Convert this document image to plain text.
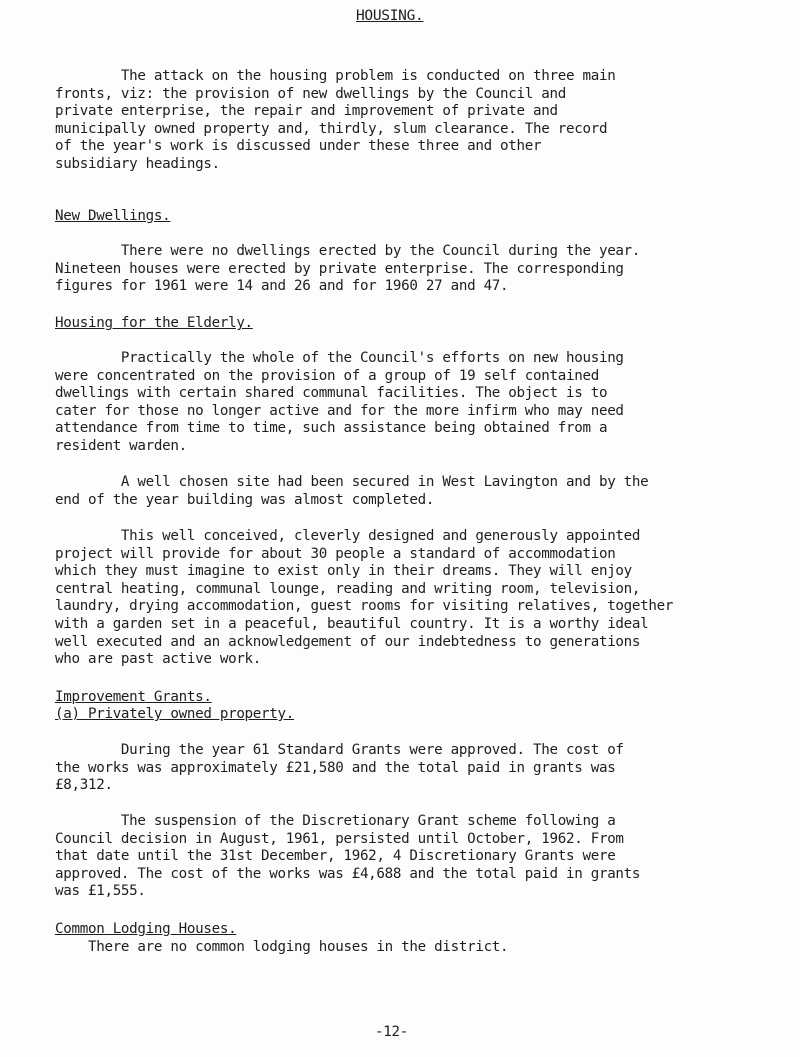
HOUSING.
The attack on the housing problem is conducted on three main
fronts, viz: the provision of new dwellings by the Council and
private enterprise, the repair and improvement of private and
municipally owned property and, thirdly, slum clearance. The record
of the year's work is discussed under these three and other
subsidiary headings.
New Dwellings.
There were no dwellings erected by the Council during the year.
Nineteen houses were erected by private enterprise. The corresponding
figures for 1961 were 14 and 26 and for 1960 27 and 47.
Housing for the Elderly.
Practically the whole of the Council's efforts on new housing
were concentrated on the provision of a group of 19 self contained
dwellings with certain shared communal facilities. The object is to
cater for those no longer active and for the more infirm who may need
attendance from time to time, such assistance being obtained from a
resident warden.
A well chosen site had been secured in West Lavington and by the
end of the year building was almost completed.
This well conceived, cleverly designed and generously appointed
project will provide for about 30 people a standard of accommodation
which they must imagine to exist only in their dreams. They will enjoy
central heating, communal lounge, reading and writing room, television,
laundry, drying accommodation, guest rooms for visiting relatives, together
with a garden set in a peaceful, beautiful country. It is a worthy ideal
well executed and an acknowledgement of our indebtedness to generations
who are past active work.
Improvement Grants.
(a) Privately owned property.
During the year 61 Standard Grants were approved. The cost of
the works was approximately £21,580 and the total paid in grants was
£8,312.
The suspension of the Discretionary Grant scheme following a
Council decision in August, 1961, persisted until October, 1962. From
that date until the 31st December, 1962, 4 Discretionary Grants were
approved. The cost of the works was £4,688 and the total paid in grants
was £1,555.
Common Lodging Houses.
There are no common lodging houses in the district.
-12-
